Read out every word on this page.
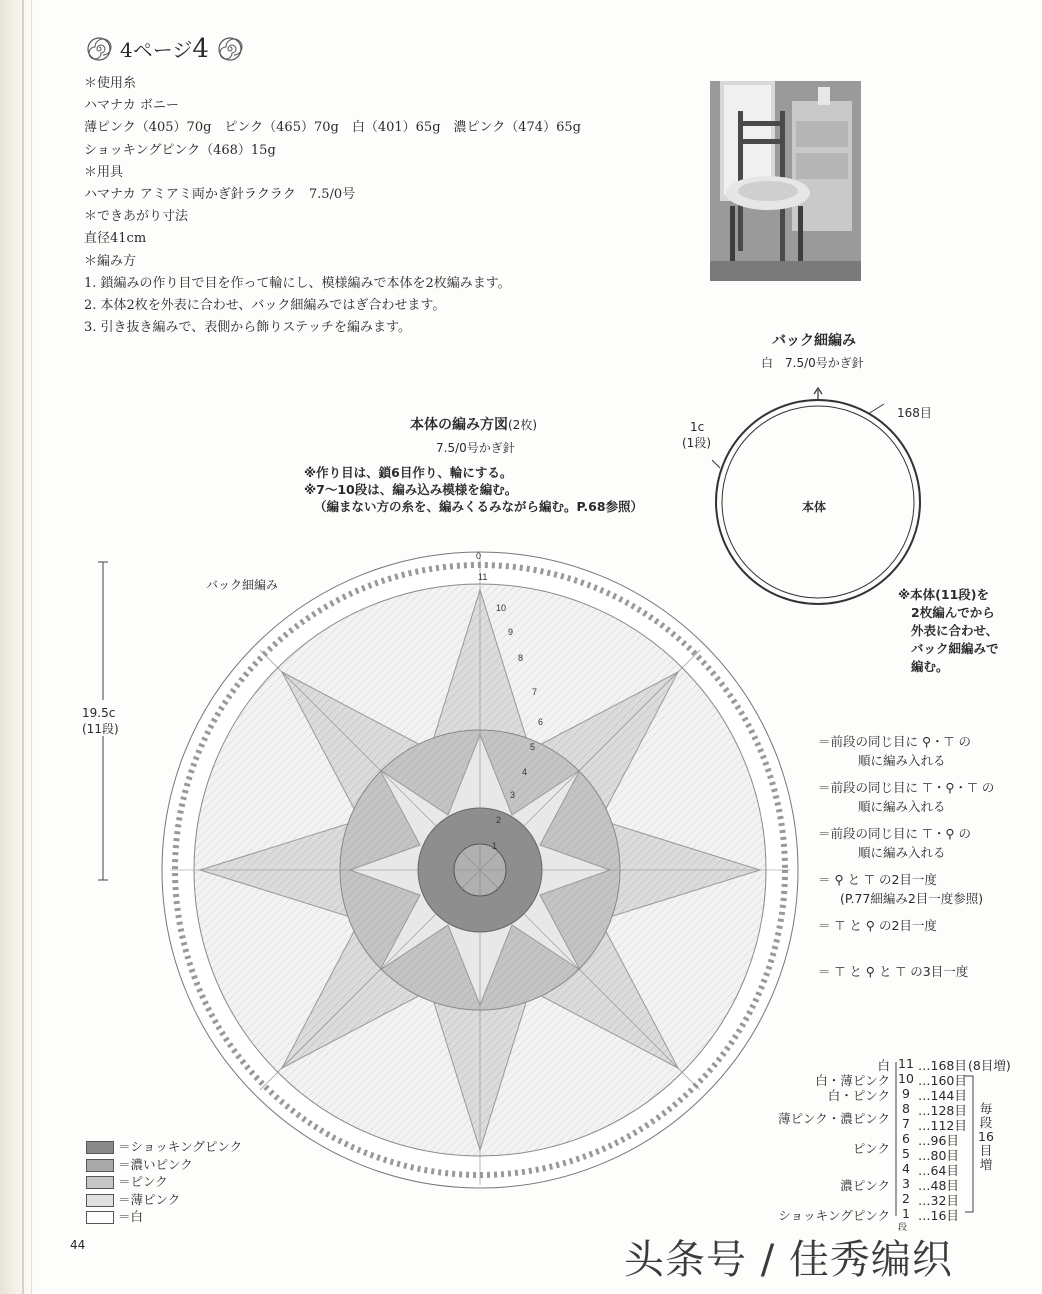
4ページ4
＊使用糸
ハマナカ ボニー
薄ピンク（405）70g　ピンク（465）70g　白（401）65g　濃ピンク（474）65g
ショッキングピンク（468）15g
＊用具
ハマナカ アミアミ両かぎ針ラクラク　7.5/0号
＊できあがり寸法
直径41cm
＊編み方
1. 鎖編みの作り目で目を作って輪にし、模様編みで本体を2枚編みます。
2. 本体2枚を外表に合わせ、バック細編みではぎ合わせます。
3. 引き抜き編みで、表側から飾りステッチを編みます。
バック細編み
白　7.5/0号かぎ針
168目
1c
(1段)
本体
※本体(11段)を
2枚編んでから
外表に合わせ、
バック細編みで
編む。
本体の編み方図(2枚)
7.5/0号かぎ針
※作り目は、鎖6目作り、輪にする。
※7〜10段は、編み込み模様を編む。
（編まない方の糸を、編みくるみながら編む。P.68参照）
バック細編み
19.5c
(11段)
0
11
10
9
8
7
6
5
4
3
2
1
＝前段の同じ目に ⚲・⊤ の
順に編み入れる
＝前段の同じ目に ⊤・⚲・⊤ の
順に編み入れる
＝前段の同じ目に ⊤・⚲ の
順に編み入れる
＝ ⚲ と ⊤ の2目一度
(P.77細編み2目一度参照)
＝ ⊤ と ⚲ の2目一度
＝ ⊤ と ⚲ と ⊤ の3目一度
白 11 …168目 (8目増)
白・薄ピンク 10 …160目
白・ピンク 9 …144目
薄ピンク・濃ピンク
8 …128目
7 …112目
ピンク
6 …96目
5 …80目
濃ピンク
4 …64目
3 …48目
2 …32目
ショッキングピンク 1 …16目
段
毎
段
16
目
増
＝ショッキングピンク
＝濃いピンク
＝ピンク
＝薄ピンク
＝白
44	头条号 / 佳秀编织
